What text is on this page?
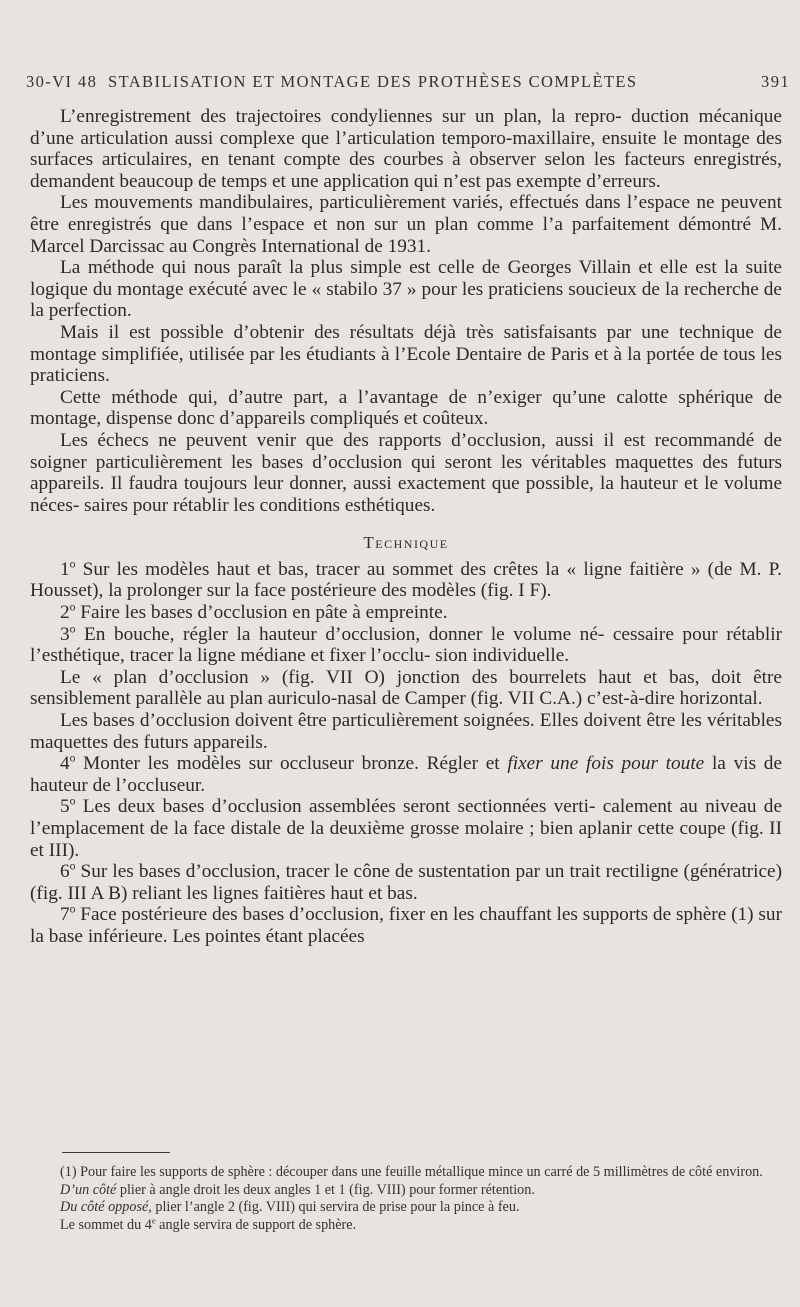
30-VI 48 STABILISATION ET MONTAGE DES PROTHÈSES COMPLÈTES	391

L’enregistrement des trajectoires condyliennes sur un plan, la repro- duction mécanique d’une articulation aussi complexe que l’articulation temporo-maxillaire, ensuite le montage des surfaces articulaires, en tenant compte des courbes à observer selon les facteurs enregistrés, demandent beaucoup de temps et une application qui n’est pas exempte d’erreurs.

Les mouvements mandibulaires, particulièrement variés, effectués dans l’espace ne peuvent être enregistrés que dans l’espace et non sur un plan comme l’a parfaitement démontré M. Marcel Darcissac au Congrès International de 1931.

La méthode qui nous paraît la plus simple est celle de Georges Villain et elle est la suite logique du montage exécuté avec le « stabilo 37 » pour les praticiens soucieux de la recherche de la perfection.

Mais il est possible d’obtenir des résultats déjà très satisfaisants par une technique de montage simplifiée, utilisée par les étudiants à l’Ecole Dentaire de Paris et à la portée de tous les praticiens.

Cette méthode qui, d’autre part, a l’avantage de n’exiger qu’une calotte sphérique de montage, dispense donc d’appareils compliqués et coûteux.

Les échecs ne peuvent venir que des rapports d’occlusion, aussi il est recommandé de soigner particulièrement les bases d’occlusion qui seront les véritables maquettes des futurs appareils. Il faudra toujours leur donner, aussi exactement que possible, la hauteur et le volume néces- saires pour rétablir les conditions esthétiques.

Technique

1$^o$ Sur les modèles haut et bas, tracer au sommet des crêtes la « ligne faitière » (de M. P. Housset), la prolonger sur la face postérieure des modèles (fig. I F).

2$^o$ Faire les bases d’occlusion en pâte à empreinte.

3$^o$ En bouche, régler la hauteur d’occlusion, donner le volume né- cessaire pour rétablir l’esthétique, tracer la ligne médiane et fixer l’occlu- sion individuelle.

Le « plan d’occlusion » (fig. VII O) jonction des bourrelets haut et bas, doit être sensiblement parallèle au plan auriculo-nasal de Camper (fig. VII C.A.) c’est-à-dire horizontal.

Les bases d’occlusion doivent être particulièrement soignées. Elles doivent être les véritables maquettes des futurs appareils.

4$^o$ Monter les modèles sur occluseur bronze. Régler et fixer une fois pour toute la vis de hauteur de l’occluseur.

5$^o$ Les deux bases d’occlusion assemblées seront sectionnées verti- calement au niveau de l’emplacement de la face distale de la deuxième grosse molaire ; bien aplanir cette coupe (fig. II et III).

6$^o$ Sur les bases d’occlusion, tracer le cône de sustentation par un trait rectiligne (génératrice) (fig. III A B) reliant les lignes faitières haut et bas.

7$^o$ Face postérieure des bases d’occlusion, fixer en les chauffant les supports de sphère (1) sur la base inférieure. Les pointes étant placées

(1) Pour faire les supports de sphère : découper dans une feuille métallique mince un carré de 5 millimètres de côté environ.

D’un côté plier à angle droit les deux angles 1 et 1 (fig. VIII) pour former rétention.

Du côté opposé, plier l’angle 2 (fig. VIII) qui servira de prise pour la pince à feu.

Le sommet du 4e angle servira de support de sphère.
